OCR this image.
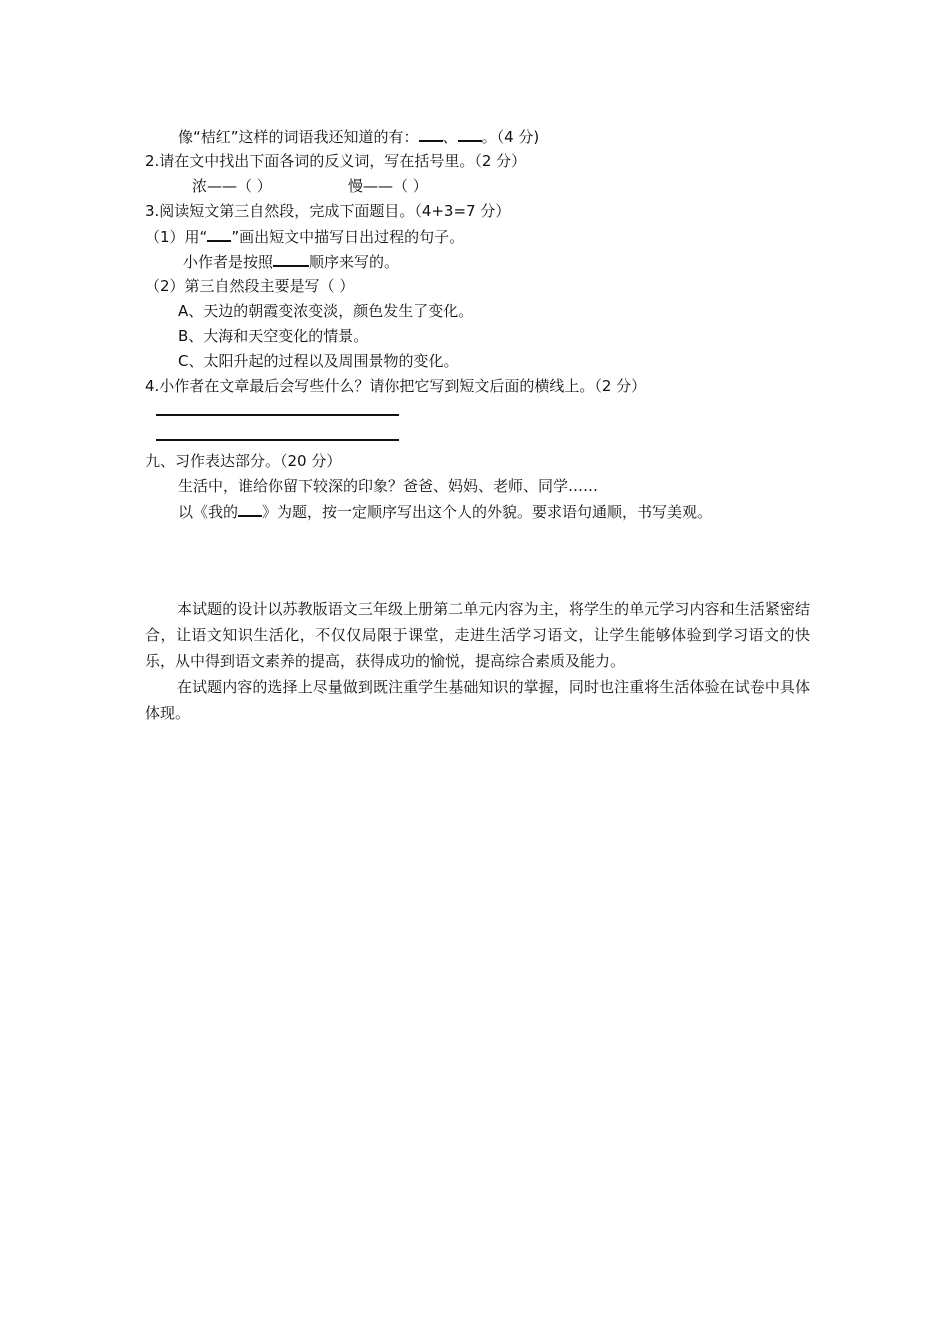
像“桔红”这样的词语我还知道的有： 、 。（4 分)
2.请在文中找出下面各词的反义词，写在括号里。（2 分）
浓——（ ）	慢——（ ）
3.阅读短文第三自然段，完成下面题目。（4+3=7 分）
（1）用“ ”画出短文中描写日出过程的句子。
小作者是按照 顺序来写的。
（2）第三自然段主要是写（ ）
A、天边的朝霞变浓变淡，颜色发生了变化。
B、大海和天空变化的情景。
C、太阳升起的过程以及周围景物的变化。
4.小作者在文章最后会写些什么？请你把它写到短文后面的横线上。（2 分）
九、习作表达部分。（20 分）
生活中，谁给你留下较深的印象？爸爸、妈妈、老师、同学……
以《我的 》为题，按一定顺序写出这个人的外貌。要求语句通顺，书写美观。
本试题的设计以苏教版语文三年级上册第二单元内容为主，将学生的单元学习内容和生活紧密结合，让语文知识生活化，不仅仅局限于课堂，走进生活学习语文，让学生能够体验到学习语文的快乐，从中得到语文素养的提高，获得成功的愉悦，提高综合素质及能力。
在试题内容的选择上尽量做到既注重学生基础知识的掌握，同时也注重将生活体验在试卷中具体体现。
